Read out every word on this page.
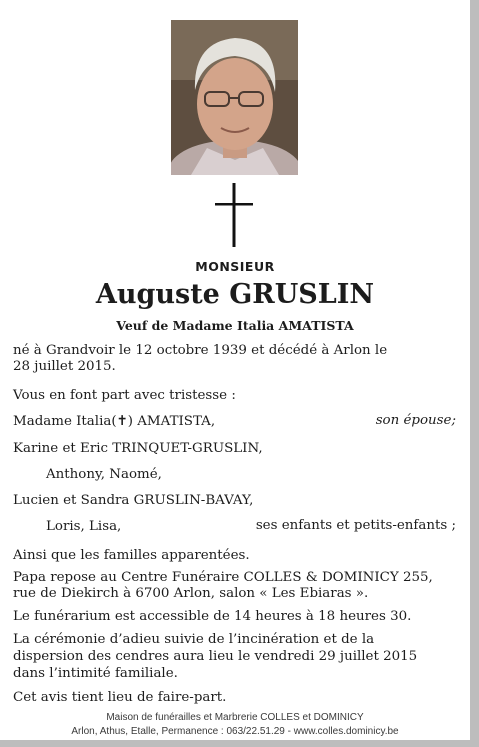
MONSIEUR
Auguste GRUSLIN
Veuf de Madame Italia AMATISTA
né à Grandvoir le 12 octobre 1939 et décédé à Arlon le
28 juillet 2015.
Vous en font part avec tristesse :
Madame Italia(✝) AMATISTA,	son épouse;
Karine et Eric TRINQUET-GRUSLIN,
Anthony, Naomé,
Lucien et Sandra GRUSLIN-BAVAY,
Loris, Lisa,	ses enfants et petits-enfants ;
Ainsi que les familles apparentées.
Papa repose au Centre Funéraire COLLES & DOMINICY 255,
rue de Diekirch à 6700 Arlon, salon « Les Ebiaras ».
Le funérarium est accessible de 14 heures à 18 heures 30.
La cérémonie d’adieu suivie de l’incinération et de la
dispersion des cendres aura lieu le vendredi 29 juillet 2015
dans l’intimité familiale.
Cet avis tient lieu de faire-part.
Maison de funérailles et Marbrerie COLLES et DOMINICY
Arlon, Athus, Etalle, Permanence : 063/22.51.29 - www.colles.dominicy.be
